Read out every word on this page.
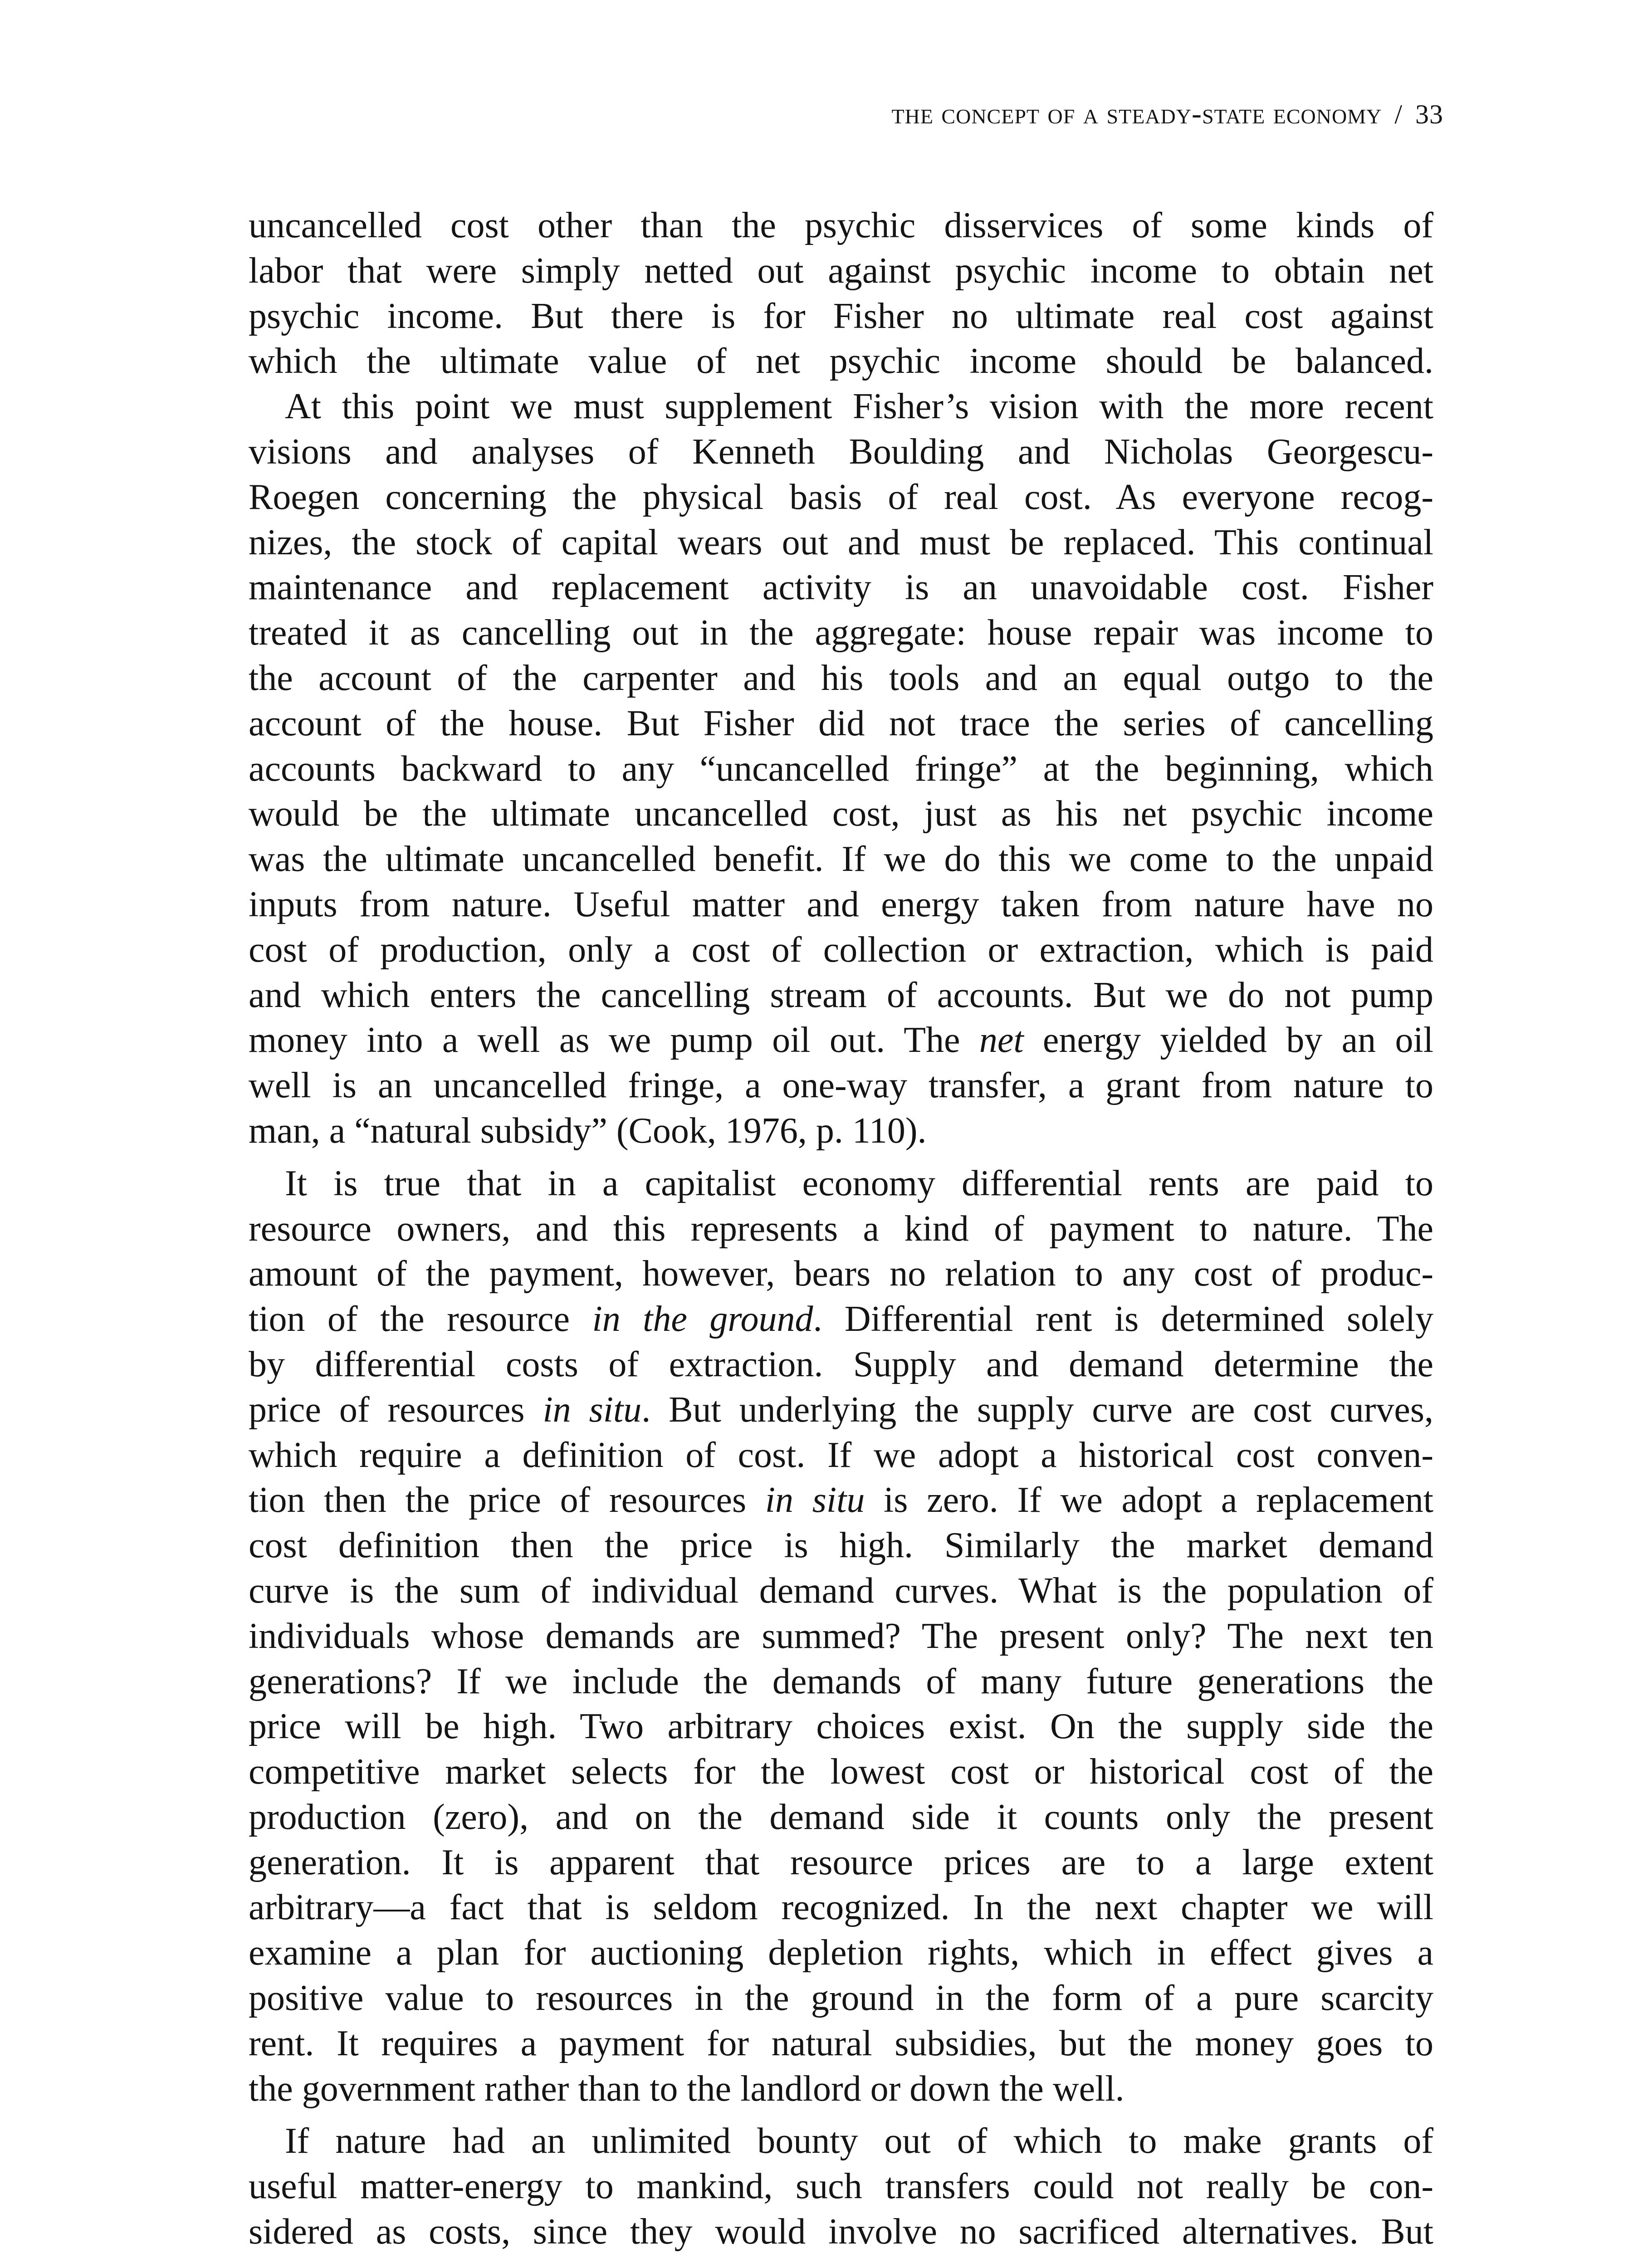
the concept of a steady-state economy / 33

uncancelled cost other than the psychic disservices of some kinds of
labor that were simply netted out against psychic income to obtain net
psychic income. But there is for Fisher no ultimate real cost against
which the ultimate value of net psychic income should be balanced.

At this point we must supplement Fisher’s vision with the more recent
visions and analyses of Kenneth Boulding and Nicholas Georgescu-
Roegen concerning the physical basis of real cost. As everyone recog-
nizes, the stock of capital wears out and must be replaced. This continual
maintenance and replacement activity is an unavoidable cost. Fisher
treated it as cancelling out in the aggregate: house repair was income to
the account of the carpenter and his tools and an equal outgo to the
account of the house. But Fisher did not trace the series of cancelling
accounts backward to any “uncancelled fringe” at the beginning, which
would be the ultimate uncancelled cost, just as his net psychic income
was the ultimate uncancelled benefit. If we do this we come to the unpaid
inputs from nature. Useful matter and energy taken from nature have no
cost of production, only a cost of collection or extraction, which is paid
and which enters the cancelling stream of accounts. But we do not pump
money into a well as we pump oil out. The net energy yielded by an oil
well is an uncancelled fringe, a one-way transfer, a grant from nature to
man, a “natural subsidy” (Cook, 1976, p. 110).

It is true that in a capitalist economy differential rents are paid to
resource owners, and this represents a kind of payment to nature. The
amount of the payment, however, bears no relation to any cost of produc-
tion of the resource in the ground. Differential rent is determined solely
by differential costs of extraction. Supply and demand determine the
price of resources in situ. But underlying the supply curve are cost curves,
which require a definition of cost. If we adopt a historical cost conven-
tion then the price of resources in situ is zero. If we adopt a replacement
cost definition then the price is high. Similarly the market demand
curve is the sum of individual demand curves. What is the population of
individuals whose demands are summed? The present only? The next ten
generations? If we include the demands of many future generations the
price will be high. Two arbitrary choices exist. On the supply side the
competitive market selects for the lowest cost or historical cost of the
production (zero), and on the demand side it counts only the present
generation. It is apparent that resource prices are to a large extent
arbitrary—a fact that is seldom recognized. In the next chapter we will
examine a plan for auctioning depletion rights, which in effect gives a
positive value to resources in the ground in the form of a pure scarcity
rent. It requires a payment for natural subsidies, but the money goes to
the government rather than to the landlord or down the well.

If nature had an unlimited bounty out of which to make grants of
useful matter-energy to mankind, such transfers could not really be con-
sidered as costs, since they would involve no sacrificed alternatives. But
